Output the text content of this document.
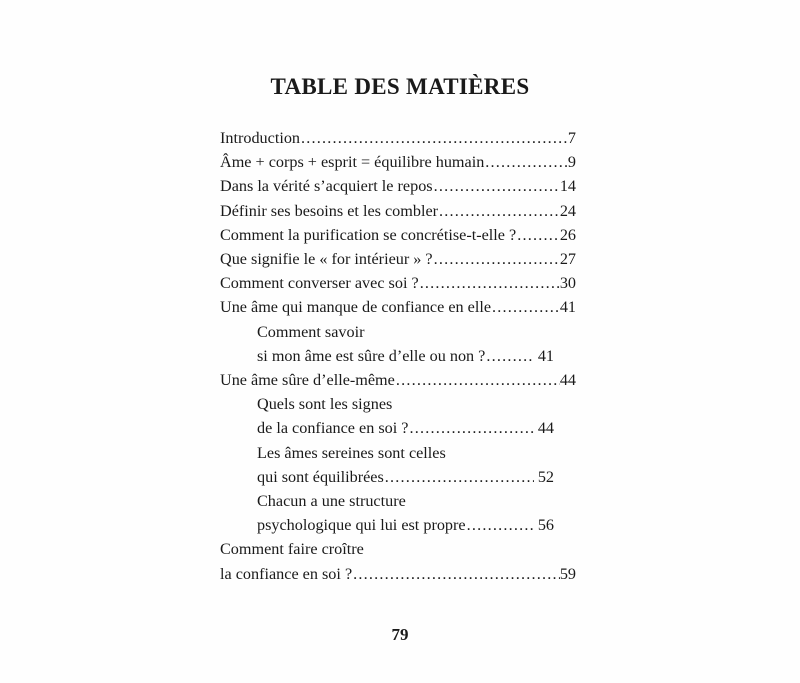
TABLE DES MATIÈRES
Introduction .....	7
Âme + corps + esprit = équilibre humain .....	9
Dans la vérité s’acquiert le repos .....	14
Définir ses besoins et les combler .....	24
Comment la purification se concrétise-t-elle ? .....	26
Que signifie le « for intérieur » ? .....	27
Comment converser avec soi ? .....	30
Une âme qui manque de confiance en elle .....	41
Comment savoir
si mon âme est sûre d’elle ou non ? .....	41
Une âme sûre d’elle-même .....	44
Quels sont les signes
de la confiance en soi ? .....	44
Les âmes sereines sont celles
qui sont équilibrées .....	52
Chacun a une structure
psychologique qui lui est propre .....	56
Comment faire croître
la confiance en soi ? .....	59
79
